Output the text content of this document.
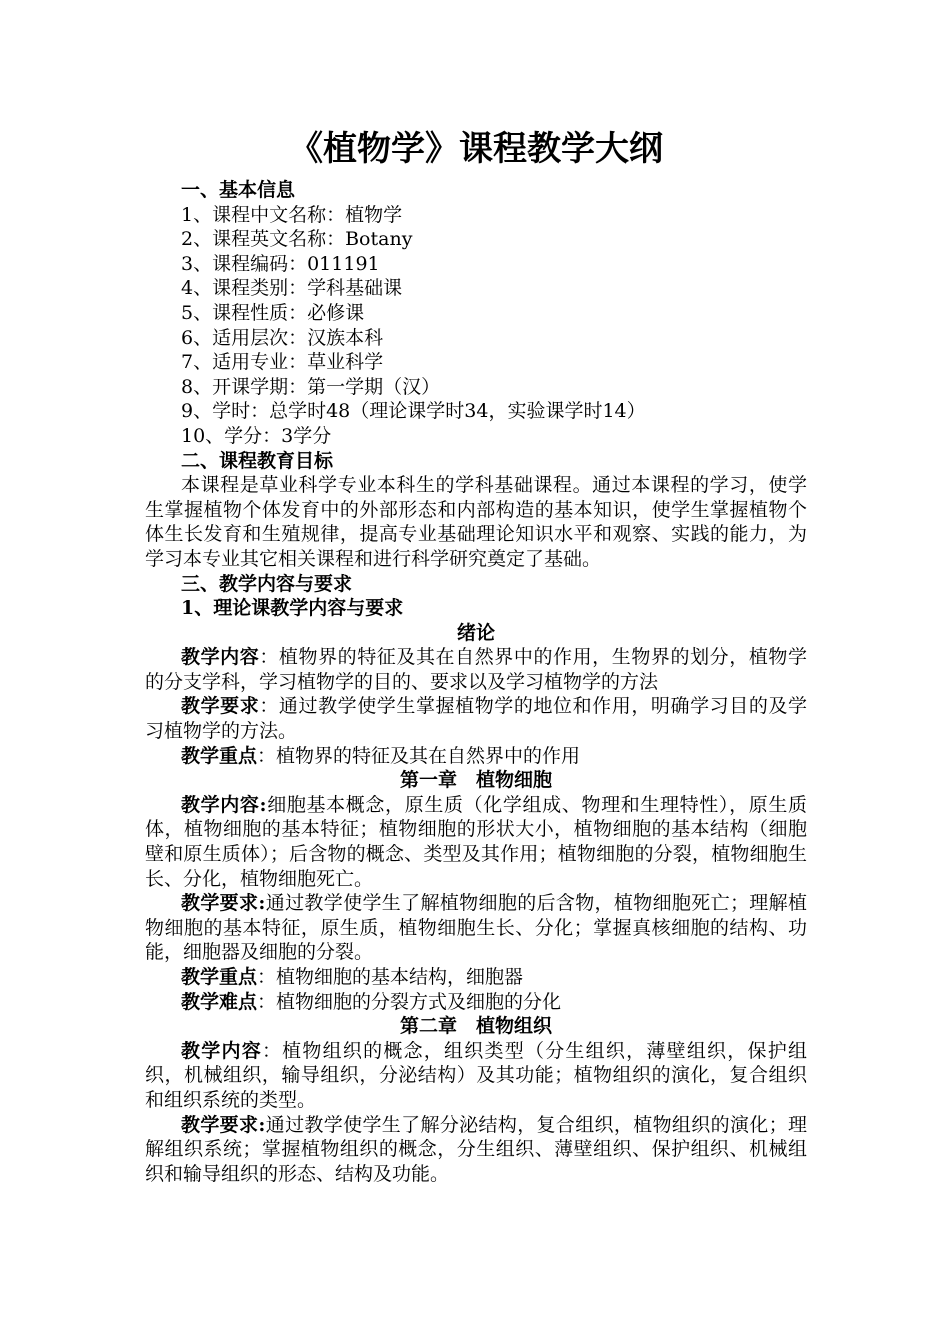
《植物学》课程教学大纲
一、基本信息
1、课程中文名称：植物学
2、课程英文名称：Botany
3、课程编码：011191
4、课程类别：学科基础课
5、课程性质：必修课
6、适用层次：汉族本科
7、适用专业：草业科学
8、开课学期：第一学期（汉）
9、学时：总学时48（理论课学时34，实验课学时14）
10、学分：3学分
二、课程教育目标
本课程是草业科学专业本科生的学科基础课程。通过本课程的学习，使学生掌握植物个体发育中的外部形态和内部构造的基本知识，使学生掌握植物个体生长发育和生殖规律，提高专业基础理论知识水平和观察、实践的能力，为学习本专业其它相关课程和进行科学研究奠定了基础。
三、教学内容与要求
1、理论课教学内容与要求
绪论
教学内容：植物界的特征及其在自然界中的作用，生物界的划分，植物学的分支学科，学习植物学的目的、要求以及学习植物学的方法
教学要求：通过教学使学生掌握植物学的地位和作用，明确学习目的及学习植物学的方法。
教学重点：植物界的特征及其在自然界中的作用
第一章　植物细胞
教学内容:细胞基本概念，原生质（化学组成、物理和生理特性），原生质体，植物细胞的基本特征；植物细胞的形状大小，植物细胞的基本结构（细胞壁和原生质体）；后含物的概念、类型及其作用；植物细胞的分裂，植物细胞生长、分化，植物细胞死亡。
教学要求:通过教学使学生了解植物细胞的后含物，植物细胞死亡；理解植物细胞的基本特征，原生质，植物细胞生长、分化；掌握真核细胞的结构、功能，细胞器及细胞的分裂。
教学重点：植物细胞的基本结构，细胞器
教学难点：植物细胞的分裂方式及细胞的分化
第二章　植物组织
教学内容：植物组织的概念，组织类型（分生组织，薄壁组织，保护组织，机械组织，输导组织，分泌结构）及其功能；植物组织的演化，复合组织和组织系统的类型。
教学要求:通过教学使学生了解分泌结构，复合组织，植物组织的演化；理解组织系统；掌握植物组织的概念，分生组织、薄壁组织、保护组织、机械组织和输导组织的形态、结构及功能。
